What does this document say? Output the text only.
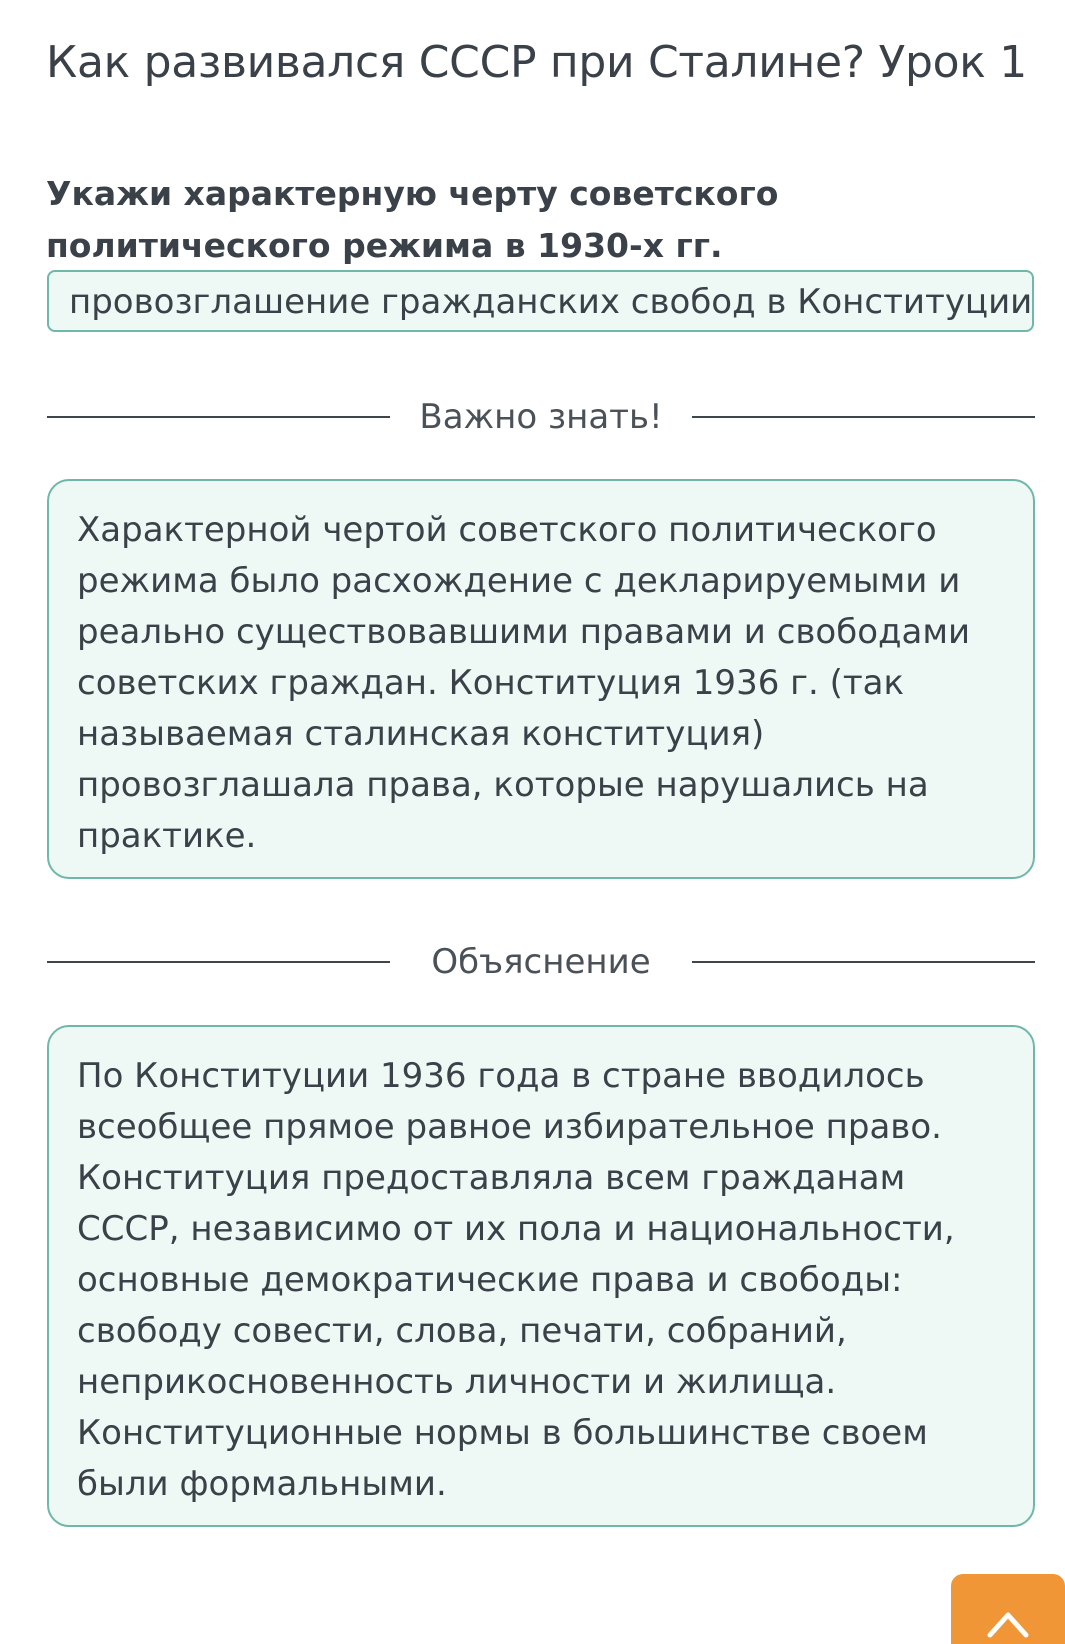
Как развивался СССР при Сталине? Урок 1

Укажи характерную черту советского политического режима в 1930-х гг.

провозглашение гражданских свобод в Конституции
Важно знать!

Характерной чертой советского политического режима было расхождение с декларируемыми и реально существовавшими правами и свободами советских граждан. Конституция 1936 г. (так называемая сталинская конституция) провозглашала права, которые нарушались на практике.

Объяснение

По Конституции 1936 года в стране вводилось всеобщее прямое равное избирательное право. Конституция предоставляла всем гражданам СССР, независимо от их пола и национальности, основные демократические права и свободы: свободу совести, слова, печати, собраний, неприкосновенность личности и жилища. Конституционные нормы в большинстве своем были формальными.
